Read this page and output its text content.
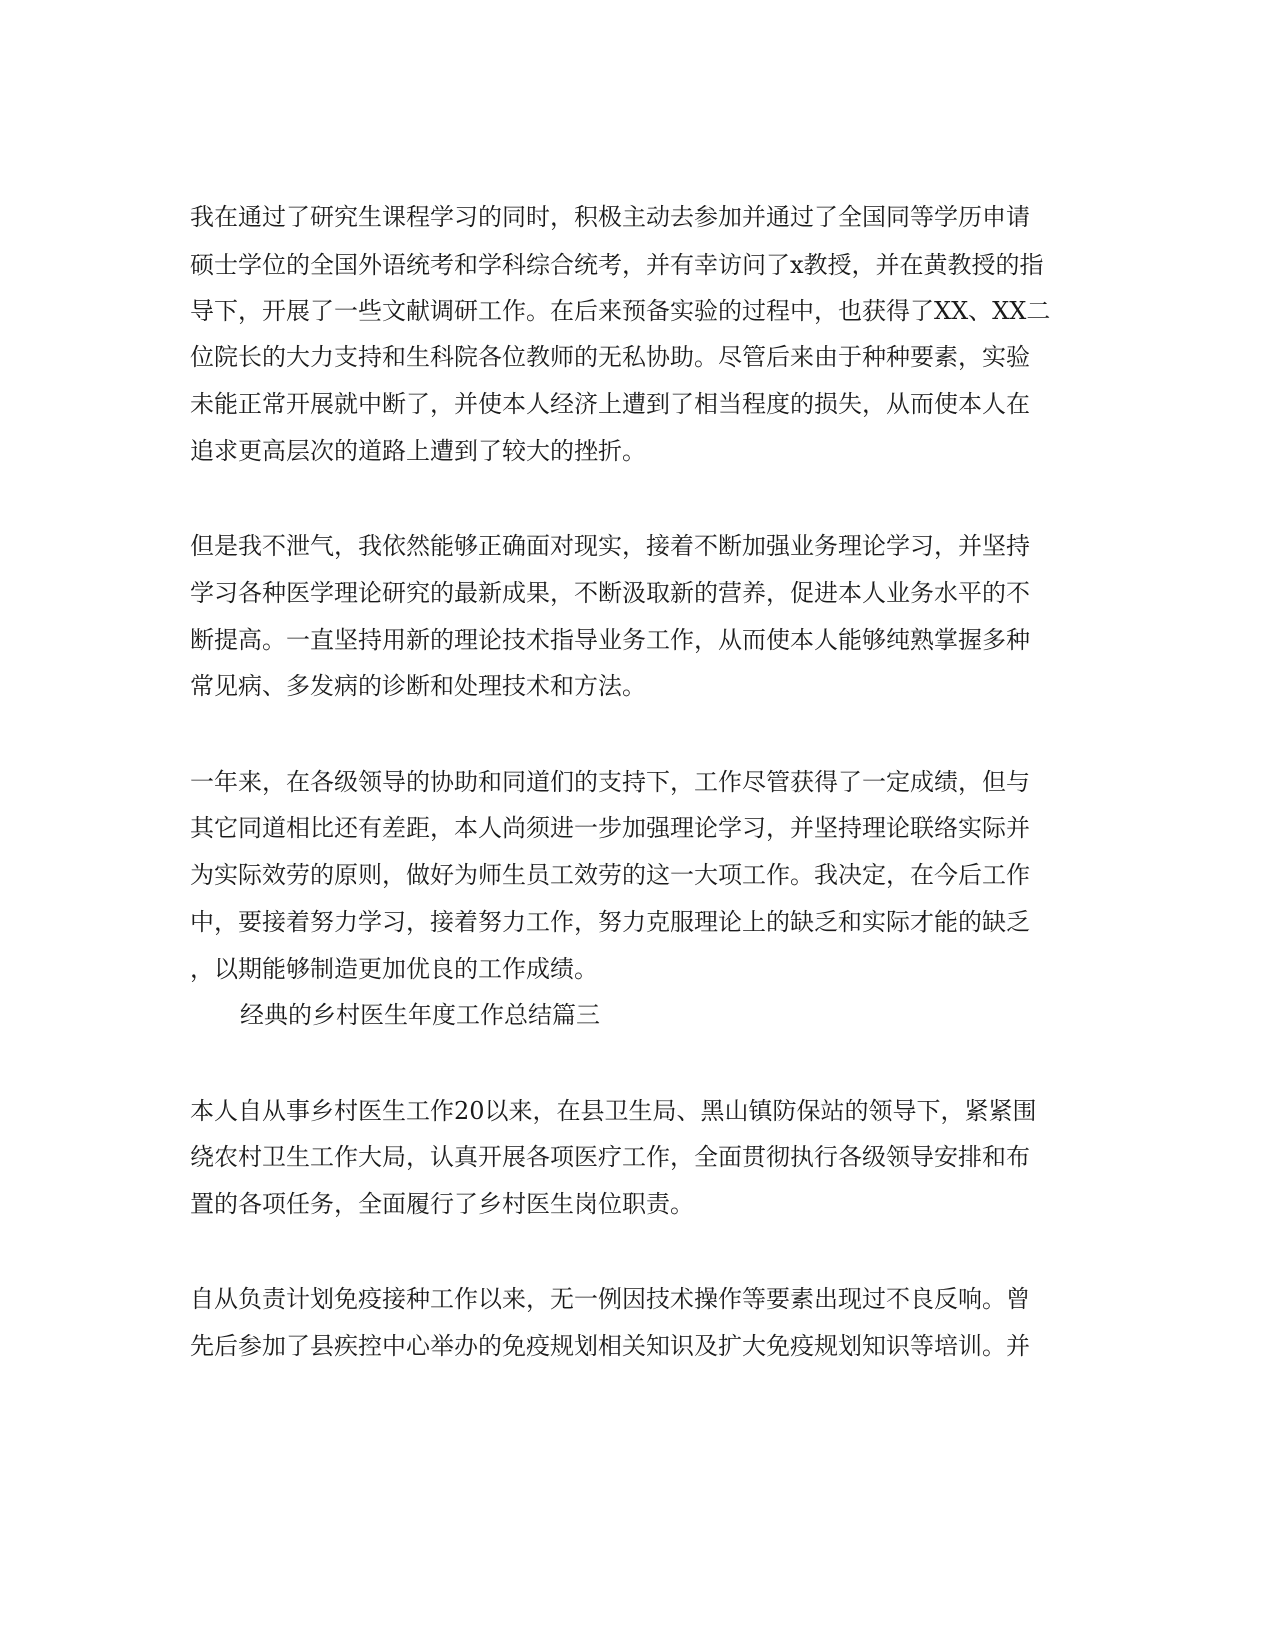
我在通过了研究生课程学习的同时，积极主动去参加并通过了全国同等学历申请

硕士学位的全国外语统考和学科综合统考，并有幸访问了x教授，并在黄教授的指

导下，开展了一些文献调研工作。在后来预备实验的过程中，也获得了XX、XX二

位院长的大力支持和生科院各位教师的无私协助。尽管后来由于种种要素，实验

未能正常开展就中断了，并使本人经济上遭到了相当程度的损失，从而使本人在

追求更高层次的道路上遭到了较大的挫折。

但是我不泄气，我依然能够正确面对现实，接着不断加强业务理论学习，并坚持

学习各种医学理论研究的最新成果，不断汲取新的营养，促进本人业务水平的不

断提高。一直坚持用新的理论技术指导业务工作，从而使本人能够纯熟掌握多种

常见病、多发病的诊断和处理技术和方法。

一年来，在各级领导的协助和同道们的支持下，工作尽管获得了一定成绩，但与

其它同道相比还有差距，本人尚须进一步加强理论学习，并坚持理论联络实际并

为实际效劳的原则，做好为师生员工效劳的这一大项工作。我决定，在今后工作

中，要接着努力学习，接着努力工作，努力克服理论上的缺乏和实际才能的缺乏

，以期能够制造更加优良的工作成绩。

经典的乡村医生年度工作总结篇三

本人自从事乡村医生工作20以来，在县卫生局、黑山镇防保站的领导下，紧紧围

绕农村卫生工作大局，认真开展各项医疗工作，全面贯彻执行各级领导安排和布

置的各项任务，全面履行了乡村医生岗位职责。

自从负责计划免疫接种工作以来，无一例因技术操作等要素出现过不良反响。曾

先后参加了县疾控中心举办的免疫规划相关知识及扩大免疫规划知识等培训。并
